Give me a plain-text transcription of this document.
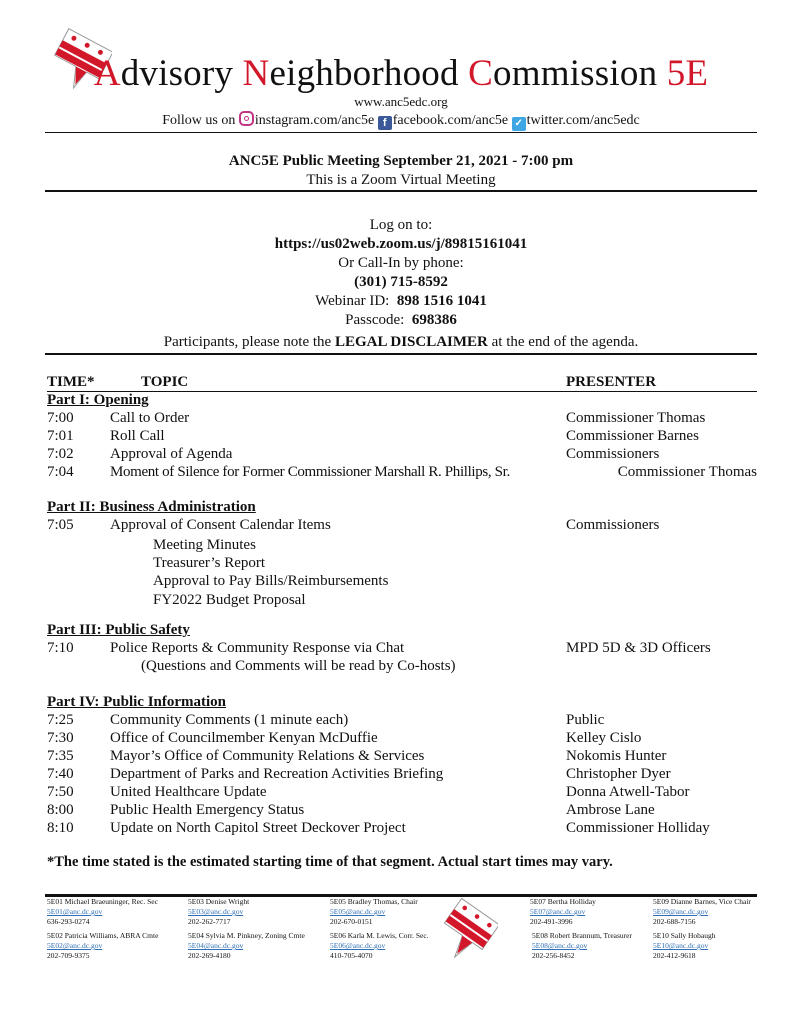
Advisory Neighborhood Commission 5E
www.anc5edc.org
Follow us on instagram.com/anc5e f facebook.com/anc5e ✓ twitter.com/anc5edc
ANC5E Public Meeting September 21, 2021 - 7:00 pm
This is a Zoom Virtual Meeting
Log on to:
https://us02web.zoom.us/j/89815161041
Or Call-In by phone:
(301) 715-8592
Webinar ID: 898 1516 1041
Passcode: 698386
Participants, please note the LEGAL DISCLAIMER at the end of the agenda.
TIME*	TOPIC	PRESENTER
Part I: Opening
7:00 Call to Order	Commissioner Thomas
7:01 Roll Call	Commissioner Barnes
7:02 Approval of Agenda	Commissioners
7:04 Moment of Silence for Former Commissioner Marshall R. Phillips, Sr.	Commissioner Thomas
Part II: Business Administration
7:05 Approval of Consent Calendar Items	Commissioners
Meeting Minutes
Treasurer’s Report
Approval to Pay Bills/Reimbursements
FY2022 Budget Proposal
Part III: Public Safety
7:10 Police Reports & Community Response via Chat	MPD 5D & 3D Officers
(Questions and Comments will be read by Co-hosts)
Part IV: Public Information
7:25 Community Comments (1 minute each)	Public
7:30 Office of Councilmember Kenyan McDuffie	Kelley Cislo
7:35 Mayor’s Office of Community Relations & Services	Nokomis Hunter
7:40 Department of Parks and Recreation Activities Briefing	Christopher Dyer
7:50 United Healthcare Update	Donna Atwell-Tabor
8:00 Public Health Emergency Status	Ambrose Lane
8:10 Update on North Capitol Street Deckover Project	Commissioner Holliday
*The time stated is the estimated starting time of that segment. Actual start times may vary.
5E01 Michael Braeuninger, Rec. Sec
5E01@anc.dc.gov
636-293-0274
5E02 Patricia Williams, ABRA Cmte
5E02@anc.dc.gov
202-709-9375
5E03 Denise Wright
5E03@anc.dc.gov
202-262-7717
5E04 Sylvia M. Pinkney, Zoning Cmte
5E04@anc.dc.gov
202-269-4180
5E05 Bradley Thomas, Chair
5E05@anc.dc.gov
202-670-0151
5E06 Karla M. Lewis, Corr. Sec.
5E06@anc.dc.gov
410-705-4070
5E07 Bertha Holliday
5E07@anc.dc.gov
202-491-3996
5E08 Robert Brannum, Treasurer
5E08@anc.dc.gov
202-256-8452
5E09 Dianne Barnes, Vice Chair
5E09@anc.dc.gov
202-688-7156
5E10 Sally Hobaugh
5E10@anc.dc.gov
202-412-9618
